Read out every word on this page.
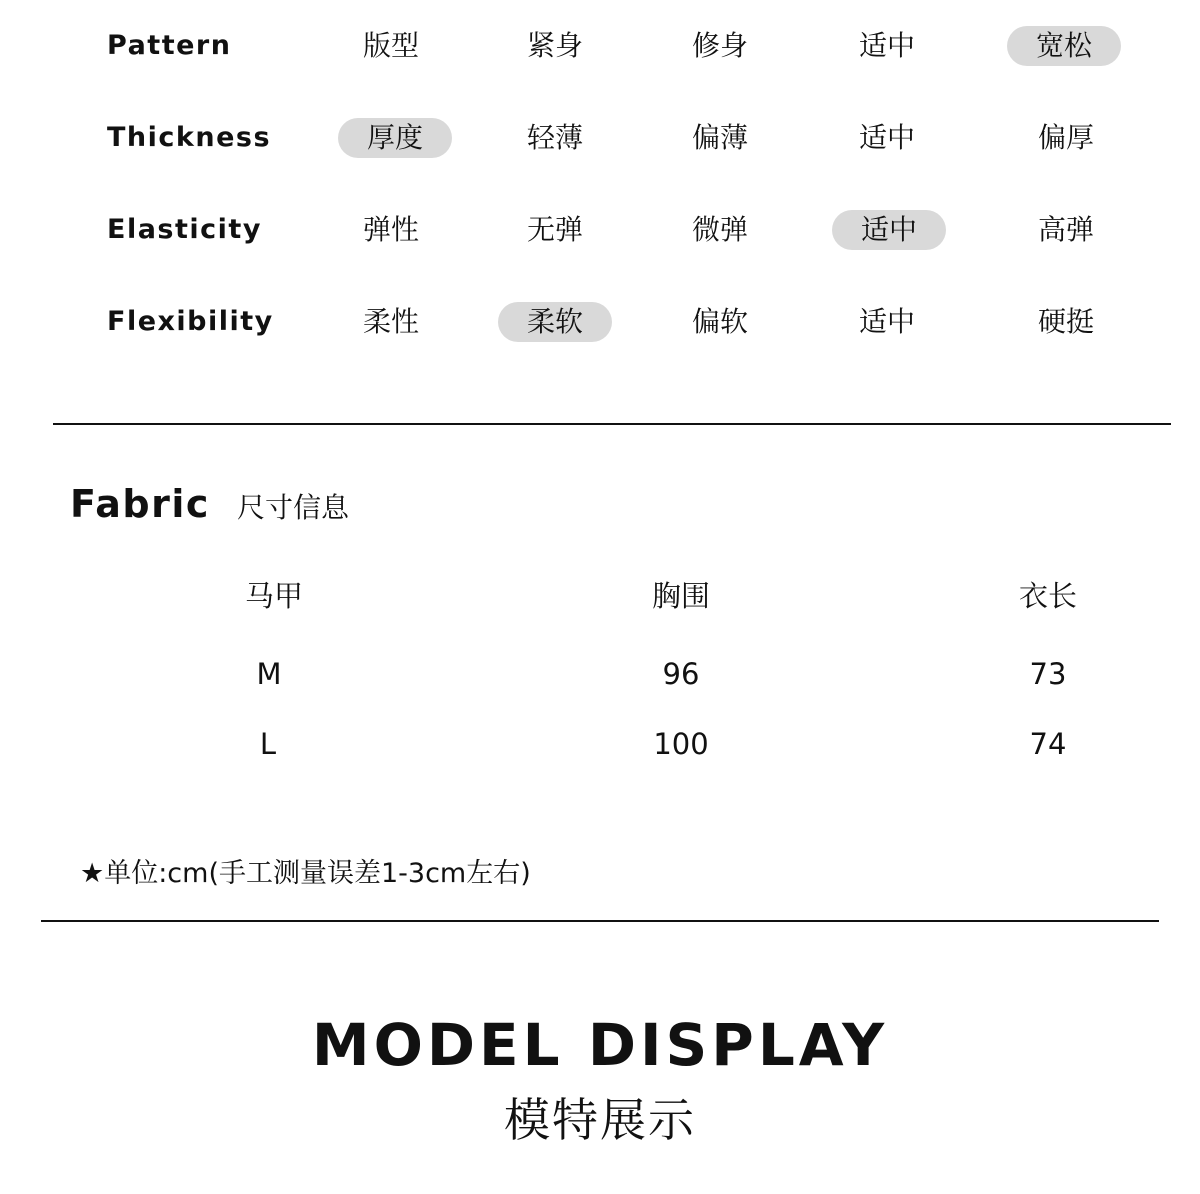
Pattern	版型	紧身	修身	适中	宽松
Thickness	厚度	轻薄	偏薄	适中	偏厚
Elasticity	弹性	无弹	微弹	适中	高弹
Flexibility	柔性	柔软	偏软	适中	硬挺
Fabric 尺寸信息
马甲	胸围	衣长
M	96	73
L	100	74
★单位:cm(手工测量误差1-3cm左右)
MODEL DISPLAY
模特展示
